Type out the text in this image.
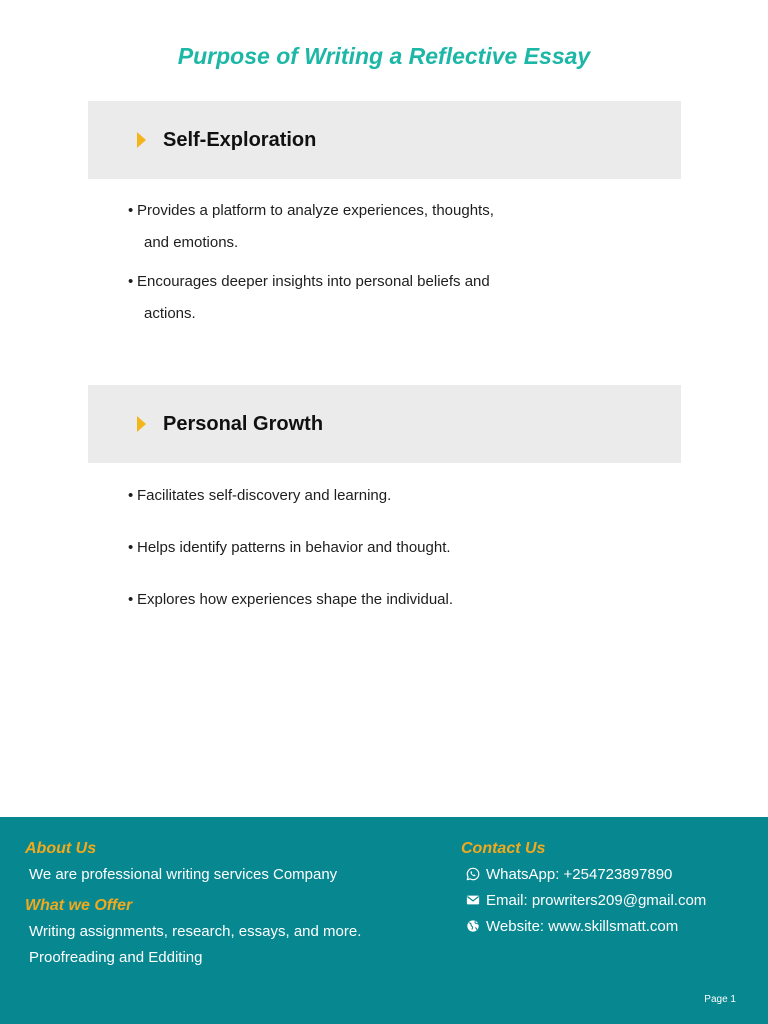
Purpose of Writing a Reflective Essay
Self-Exploration
• Provides a platform to analyze experiences, thoughts,
and emotions.
• Encourages deeper insights into personal beliefs and
actions.
Personal Growth
• Facilitates self-discovery and learning.
• Helps identify patterns in behavior and thought.
• Explores how experiences shape the individual.
About Us
We are professional writing services Company
What we Offer
Writing assignments, research, essays, and more.
Proofreading and Edditing
Contact Us
WhatsApp: +254723897890
Email: prowriters209@gmail.com
Website: www.skillsmatt.com
Page 1
